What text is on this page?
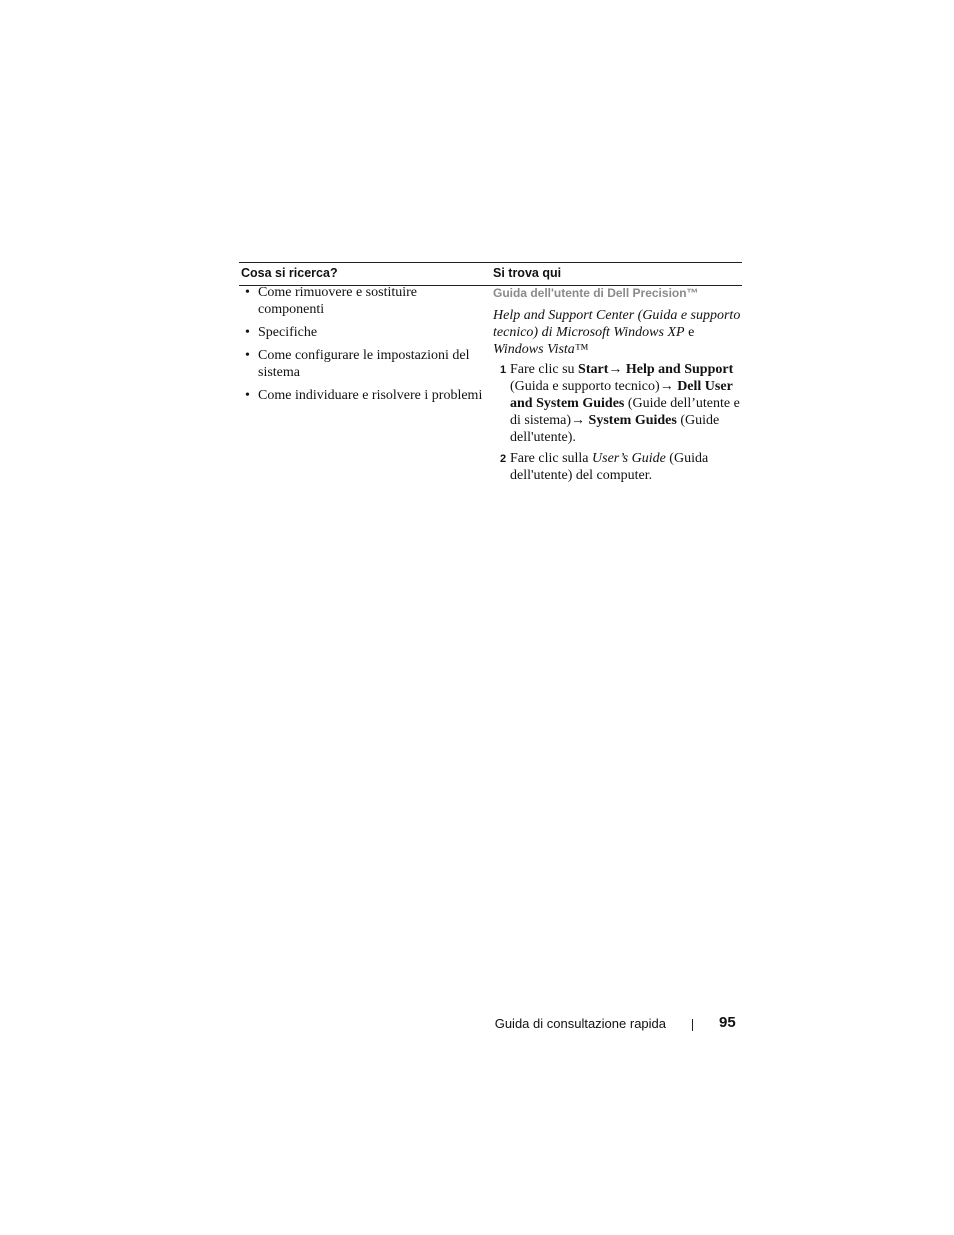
Cosa si ricerca?	Si trova qui
• Come rimuovere e sostituire componenti
• Specifiche
• Come configurare le impostazioni del sistema
• Come individuare e risolvere i problemi
Guida dell'utente di Dell Precision™
Help and Support Center (Guida e supporto tecnico) di Microsoft Windows XP e Windows Vista™
1 Fare clic su Start→ Help and Support (Guida e supporto tecnico)→ Dell User and System Guides (Guide dell’utente e di sistema)→ System Guides (Guide dell'utente).
2 Fare clic sulla User’s Guide (Guida dell'utente) del computer.
Guida di consultazione rapida	95
